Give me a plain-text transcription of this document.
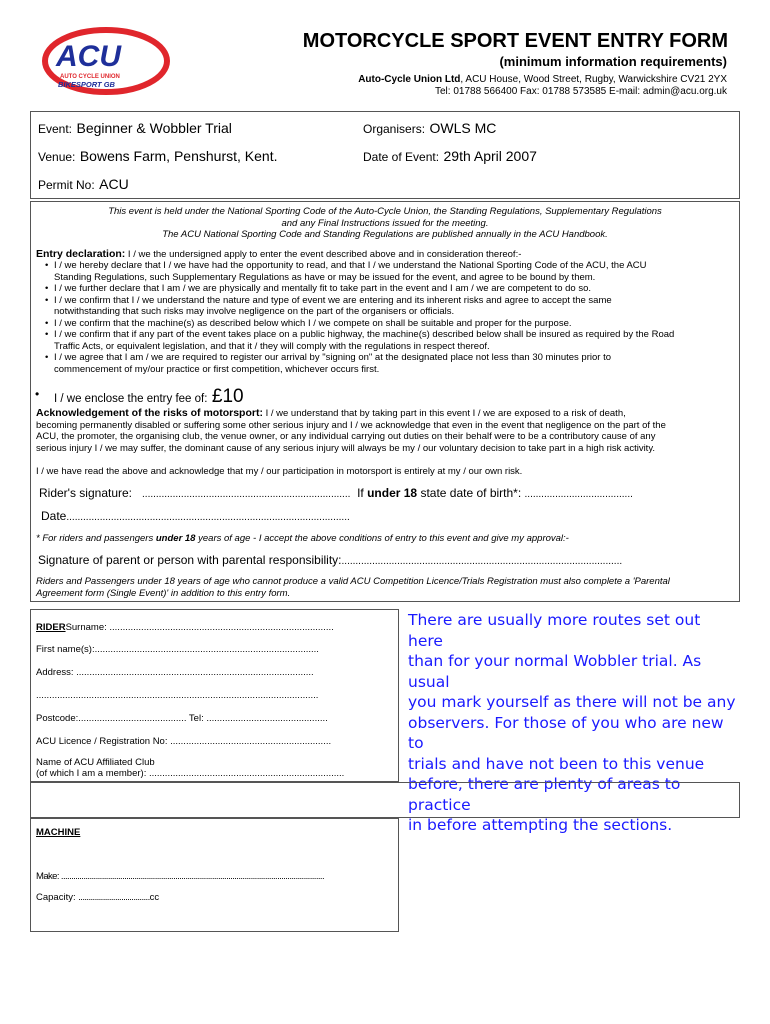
ACU
AUTO CYCLE UNION
BIKESPORT GB
MOTORCYCLE SPORT EVENT ENTRY FORM
(minimum information requirements)
Auto-Cycle Union Ltd, ACU House, Wood Street, Rugby, Warwickshire CV21 2YX
Tel: 01788 566400 Fax: 01788 573585 E-mail: admin@acu.org.uk
Event: Beginner & Wobbler Trial	Organisers: OWLS MC
Venue: Bowens Farm, Penshurst, Kent.	Date of Event: 29th April 2007
Permit No: ACU
This event is held under the National Sporting Code of the Auto-Cycle Union, the Standing Regulations, Supplementary Regulations
and any Final Instructions issued for the meeting.
The ACU National Sporting Code and Standing Regulations are published annually in the ACU Handbook.
Entry declaration: I / we the undersigned apply to enter the event described above and in consideration thereof:-
• I / we hereby declare that I / we have had the opportunity to read, and that I / we understand the National Sporting Code of the ACU, the ACU
Standing Regulations, such Supplementary Regulations as have or may be issued for the event, and agree to be bound by them.
• I / we further declare that I am / we are physically and mentally fit to take part in the event and I am / we are competent to do so.
• I / we confirm that I / we understand the nature and type of event we are entering and its inherent risks and agree to accept the same
notwithstanding that such risks may involve negligence on the part of the organisers or officials.
• I / we confirm that the machine(s) as described below which I / we compete on shall be suitable and proper for the purpose.
• I / we confirm that if any part of the event takes place on a public highway, the machine(s) described below shall be insured as required by the Road
Traffic Acts, or equivalent legislation, and that it / they will comply with the regulations in respect thereof.
• I / we agree that I am / we are required to register our arrival by "signing on" at the designated place not less than 30 minutes prior to
commencement of my/our practice or first competition, whichever occurs first.
• I / we enclose the entry fee of: £10
Acknowledgement of the risks of motorsport: I / we understand that by taking part in this event I / we are exposed to a risk of death,
becoming permanently disabled or suffering some other serious injury and I / we acknowledge that even in the event that negligence on the part of the
ACU, the promoter, the organising club, the venue owner, or any individual carrying out duties on their behalf were to be a contributory cause of any
serious injury I / we may suffer, the dominant cause of any serious injury will always be my / our voluntary decision to take part in a high risk activity.
I / we have read the above and acknowledge that my / our participation in motorsport is entirely at my / our own risk.
Rider's signature: ........................................................................... If under 18 state date of birth*: .......................................
Date......................................................................................................
* For riders and passengers under 18 years of age - I accept the above conditions of entry to this event and give my approval:-
Signature of parent or person with parental responsibility:.....................................................................................................
Riders and Passengers under 18 years of age who cannot produce a valid ACU Competition Licence/Trials Registration must also complete a 'Parental
Agreement form (Single Event)' in addition to this entry form.
RIDERSurname: .....................................................................................
First name(s):.....................................................................................
Address: ..........................................................................................
...........................................................................................................
Postcode:......................................... Tel: ..............................................
ACU Licence / Registration No: .............................................................
Name of ACU Affiliated Club
(of which I am a member): ..........................................................................
There are usually more routes set out here
than for your normal Wobbler trial. As usual
you mark yourself as there will not be any
observers. For those of you who are new to
trials and have not been to this venue
before, there are plenty of areas to practice
in before attempting the sections.
MACHINE
Make: .................................................................................................................................
Capacity: ...................................cc
